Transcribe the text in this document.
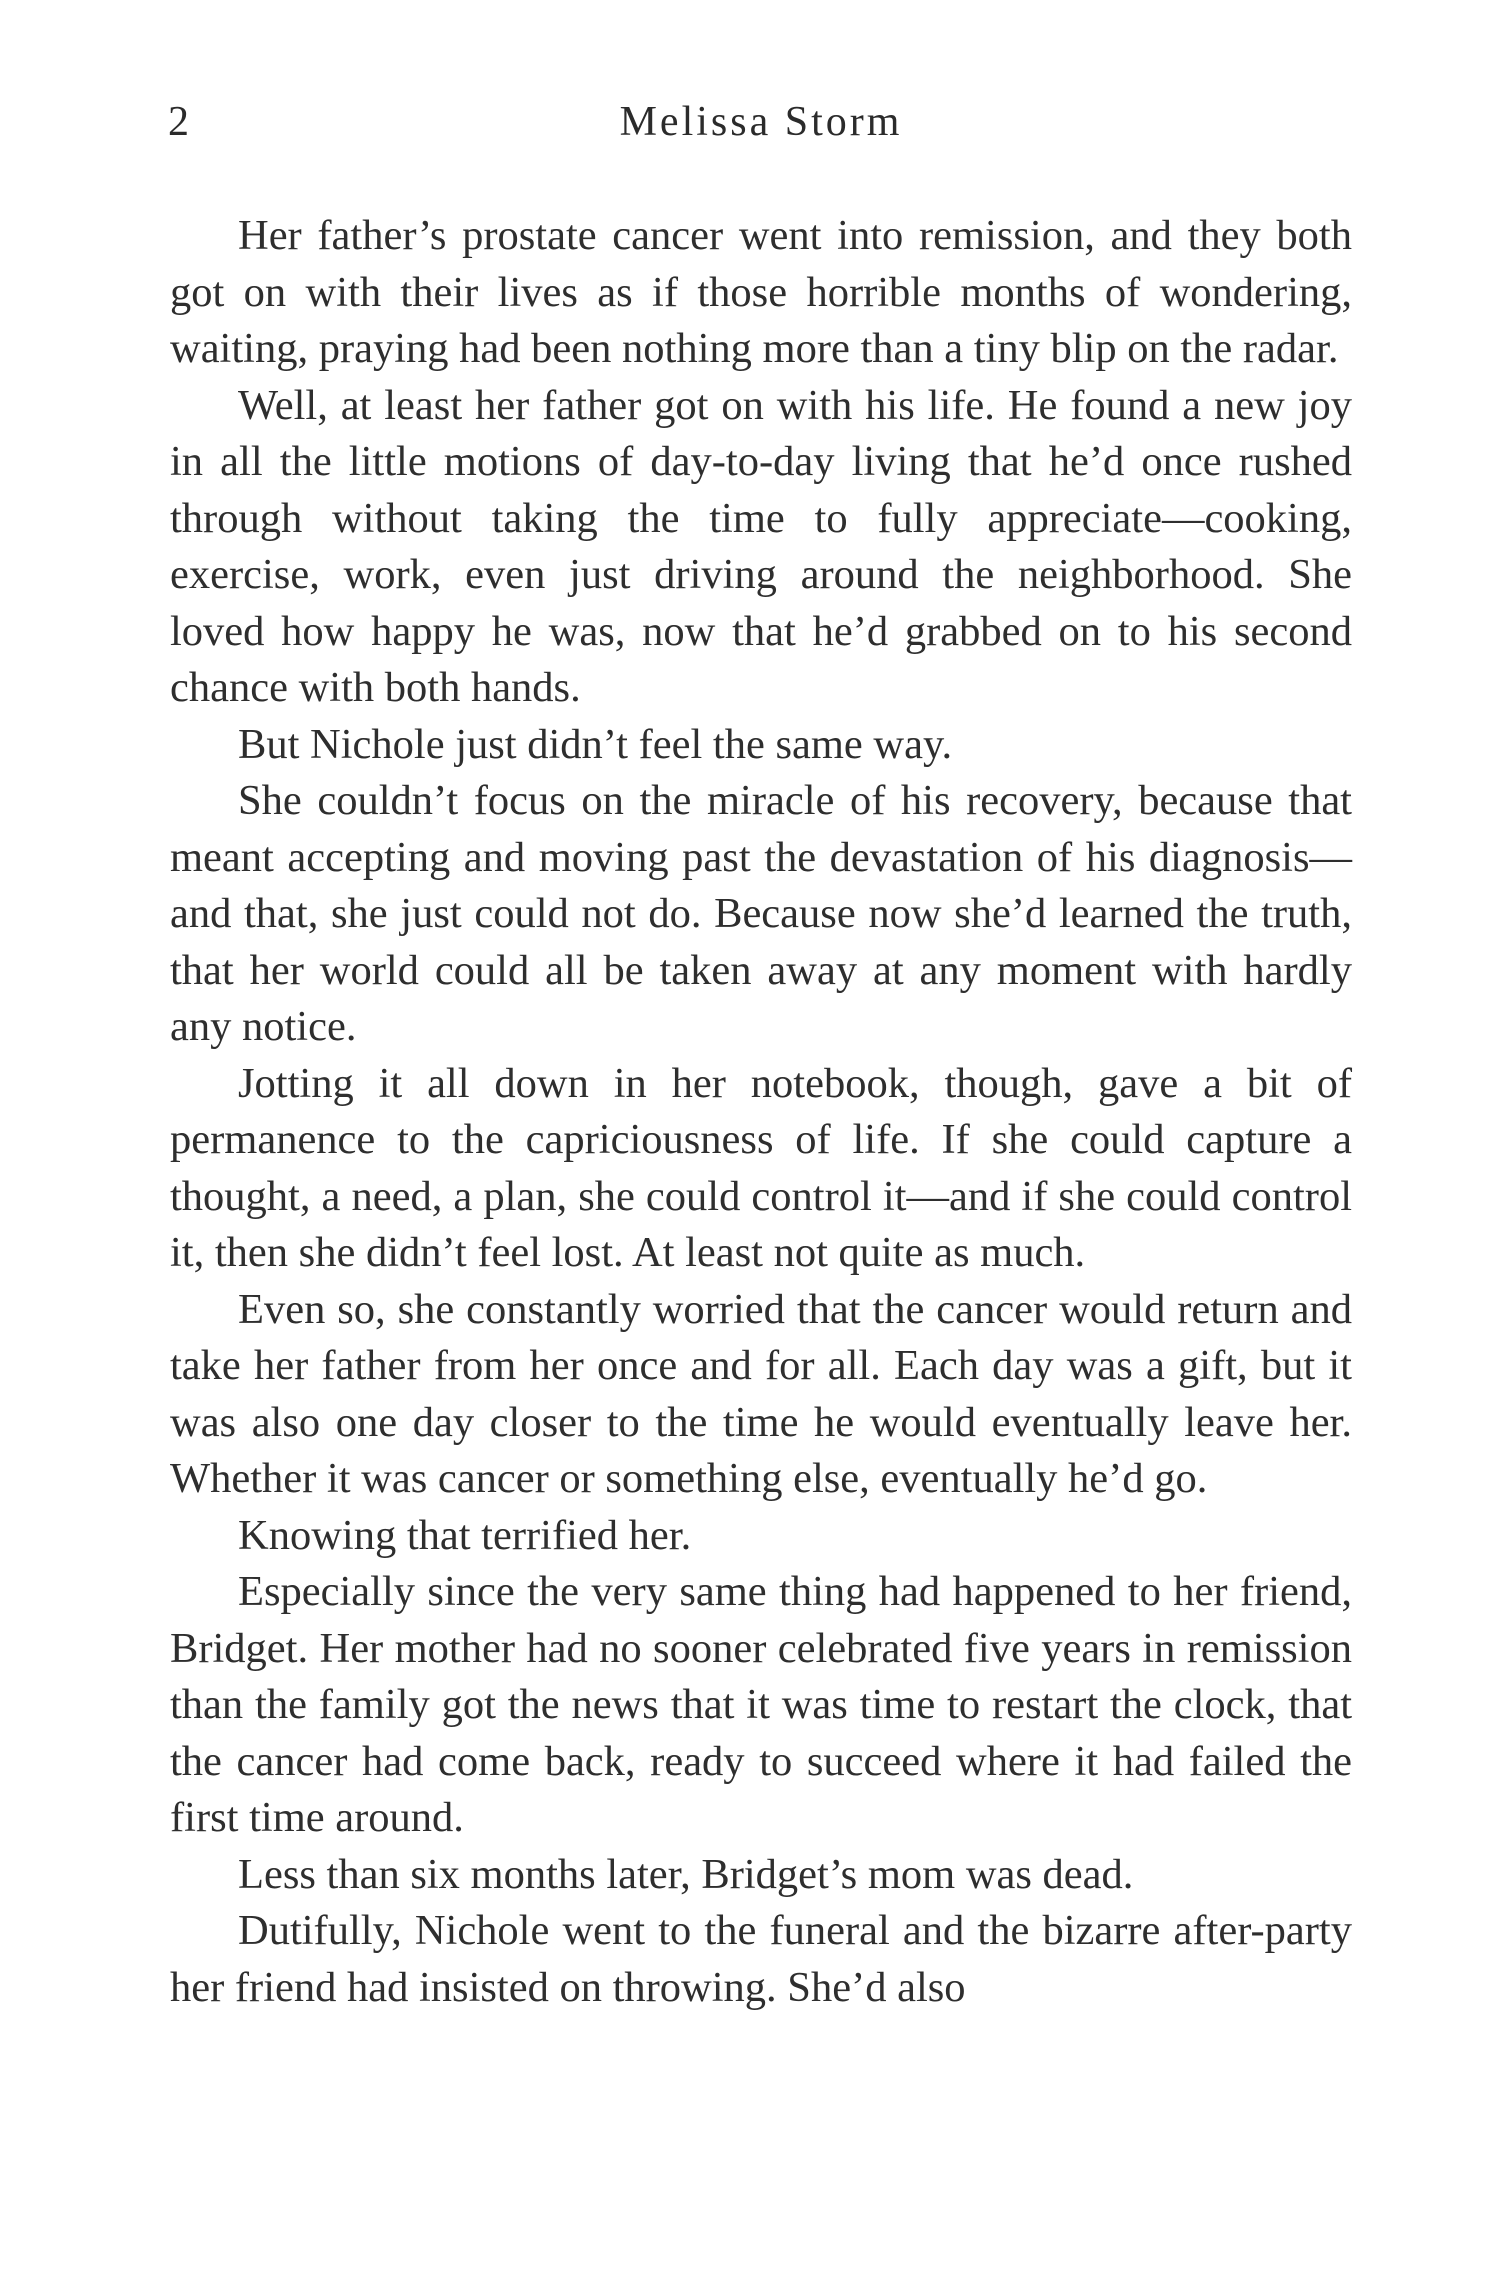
2	Melissa Storm

Her father’s prostate cancer went into remission, and they both got on with their lives as if those horrible months of wondering, waiting, praying had been nothing more than a tiny blip on the radar.

Well, at least her father got on with his life. He found a new joy in all the little motions of day-to-day living that he’d once rushed through without taking the time to fully appreciate—cooking, exercise, work, even just driving around the neighborhood. She loved how happy he was, now that he’d grabbed on to his second chance with both hands.

But Nichole just didn’t feel the same way.

She couldn’t focus on the miracle of his recovery, because that meant accepting and moving past the devastation of his diagnosis—and that, she just could not do. Because now she’d learned the truth, that her world could all be taken away at any moment with hardly any notice.

Jotting it all down in her notebook, though, gave a bit of permanence to the capriciousness of life. If she could capture a thought, a need, a plan, she could control it—and if she could control it, then she didn’t feel lost. At least not quite as much.

Even so, she constantly worried that the cancer would return and take her father from her once and for all. Each day was a gift, but it was also one day closer to the time he would eventually leave her. Whether it was cancer or something else, eventually he’d go.

Knowing that terrified her.

Especially since the very same thing had happened to her friend, Bridget. Her mother had no sooner celebrated five years in remission than the family got the news that it was time to restart the clock, that the cancer had come back, ready to succeed where it had failed the first time around.

Less than six months later, Bridget’s mom was dead.

Dutifully, Nichole went to the funeral and the bizarre after-party her friend had insisted on throwing. She’d also
